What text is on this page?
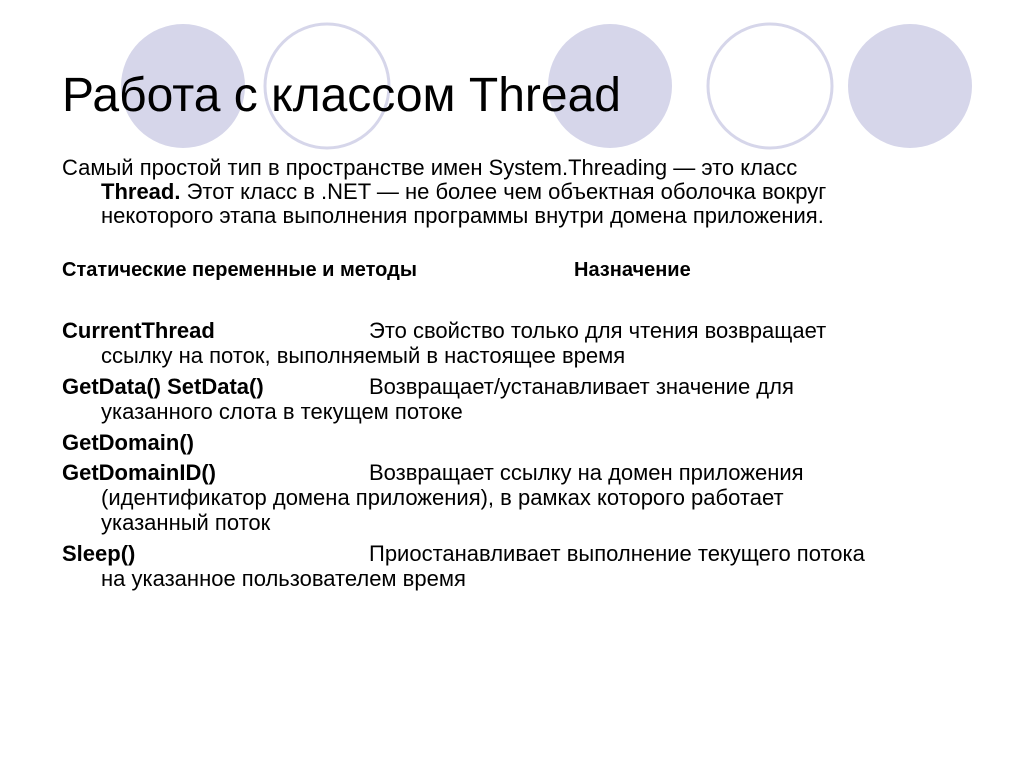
Работа с классом Thread
Самый простой тип в пространстве имен System.Threading — это класс
Thread. Этот класс в .NET — не более чем объектная оболочка вокруг
некоторого этапа выполнения программы внутри домена приложения.
Статические переменные и методы	Назначение
CurrentThread	Это свойство только для чтения возвращает
ссылку на поток, выполняемый в настоящее время
GetData() SetData()	Возвращает/устанавливает значение для
указанного слота в текущем потоке
GetDomain()
GetDomainID()	Возвращает ссылку на домен приложения
(идентификатор домена приложения), в рамках которого работает
указанный поток
Sleep()	Приостанавливает выполнение текущего потока
на указанное пользователем время
